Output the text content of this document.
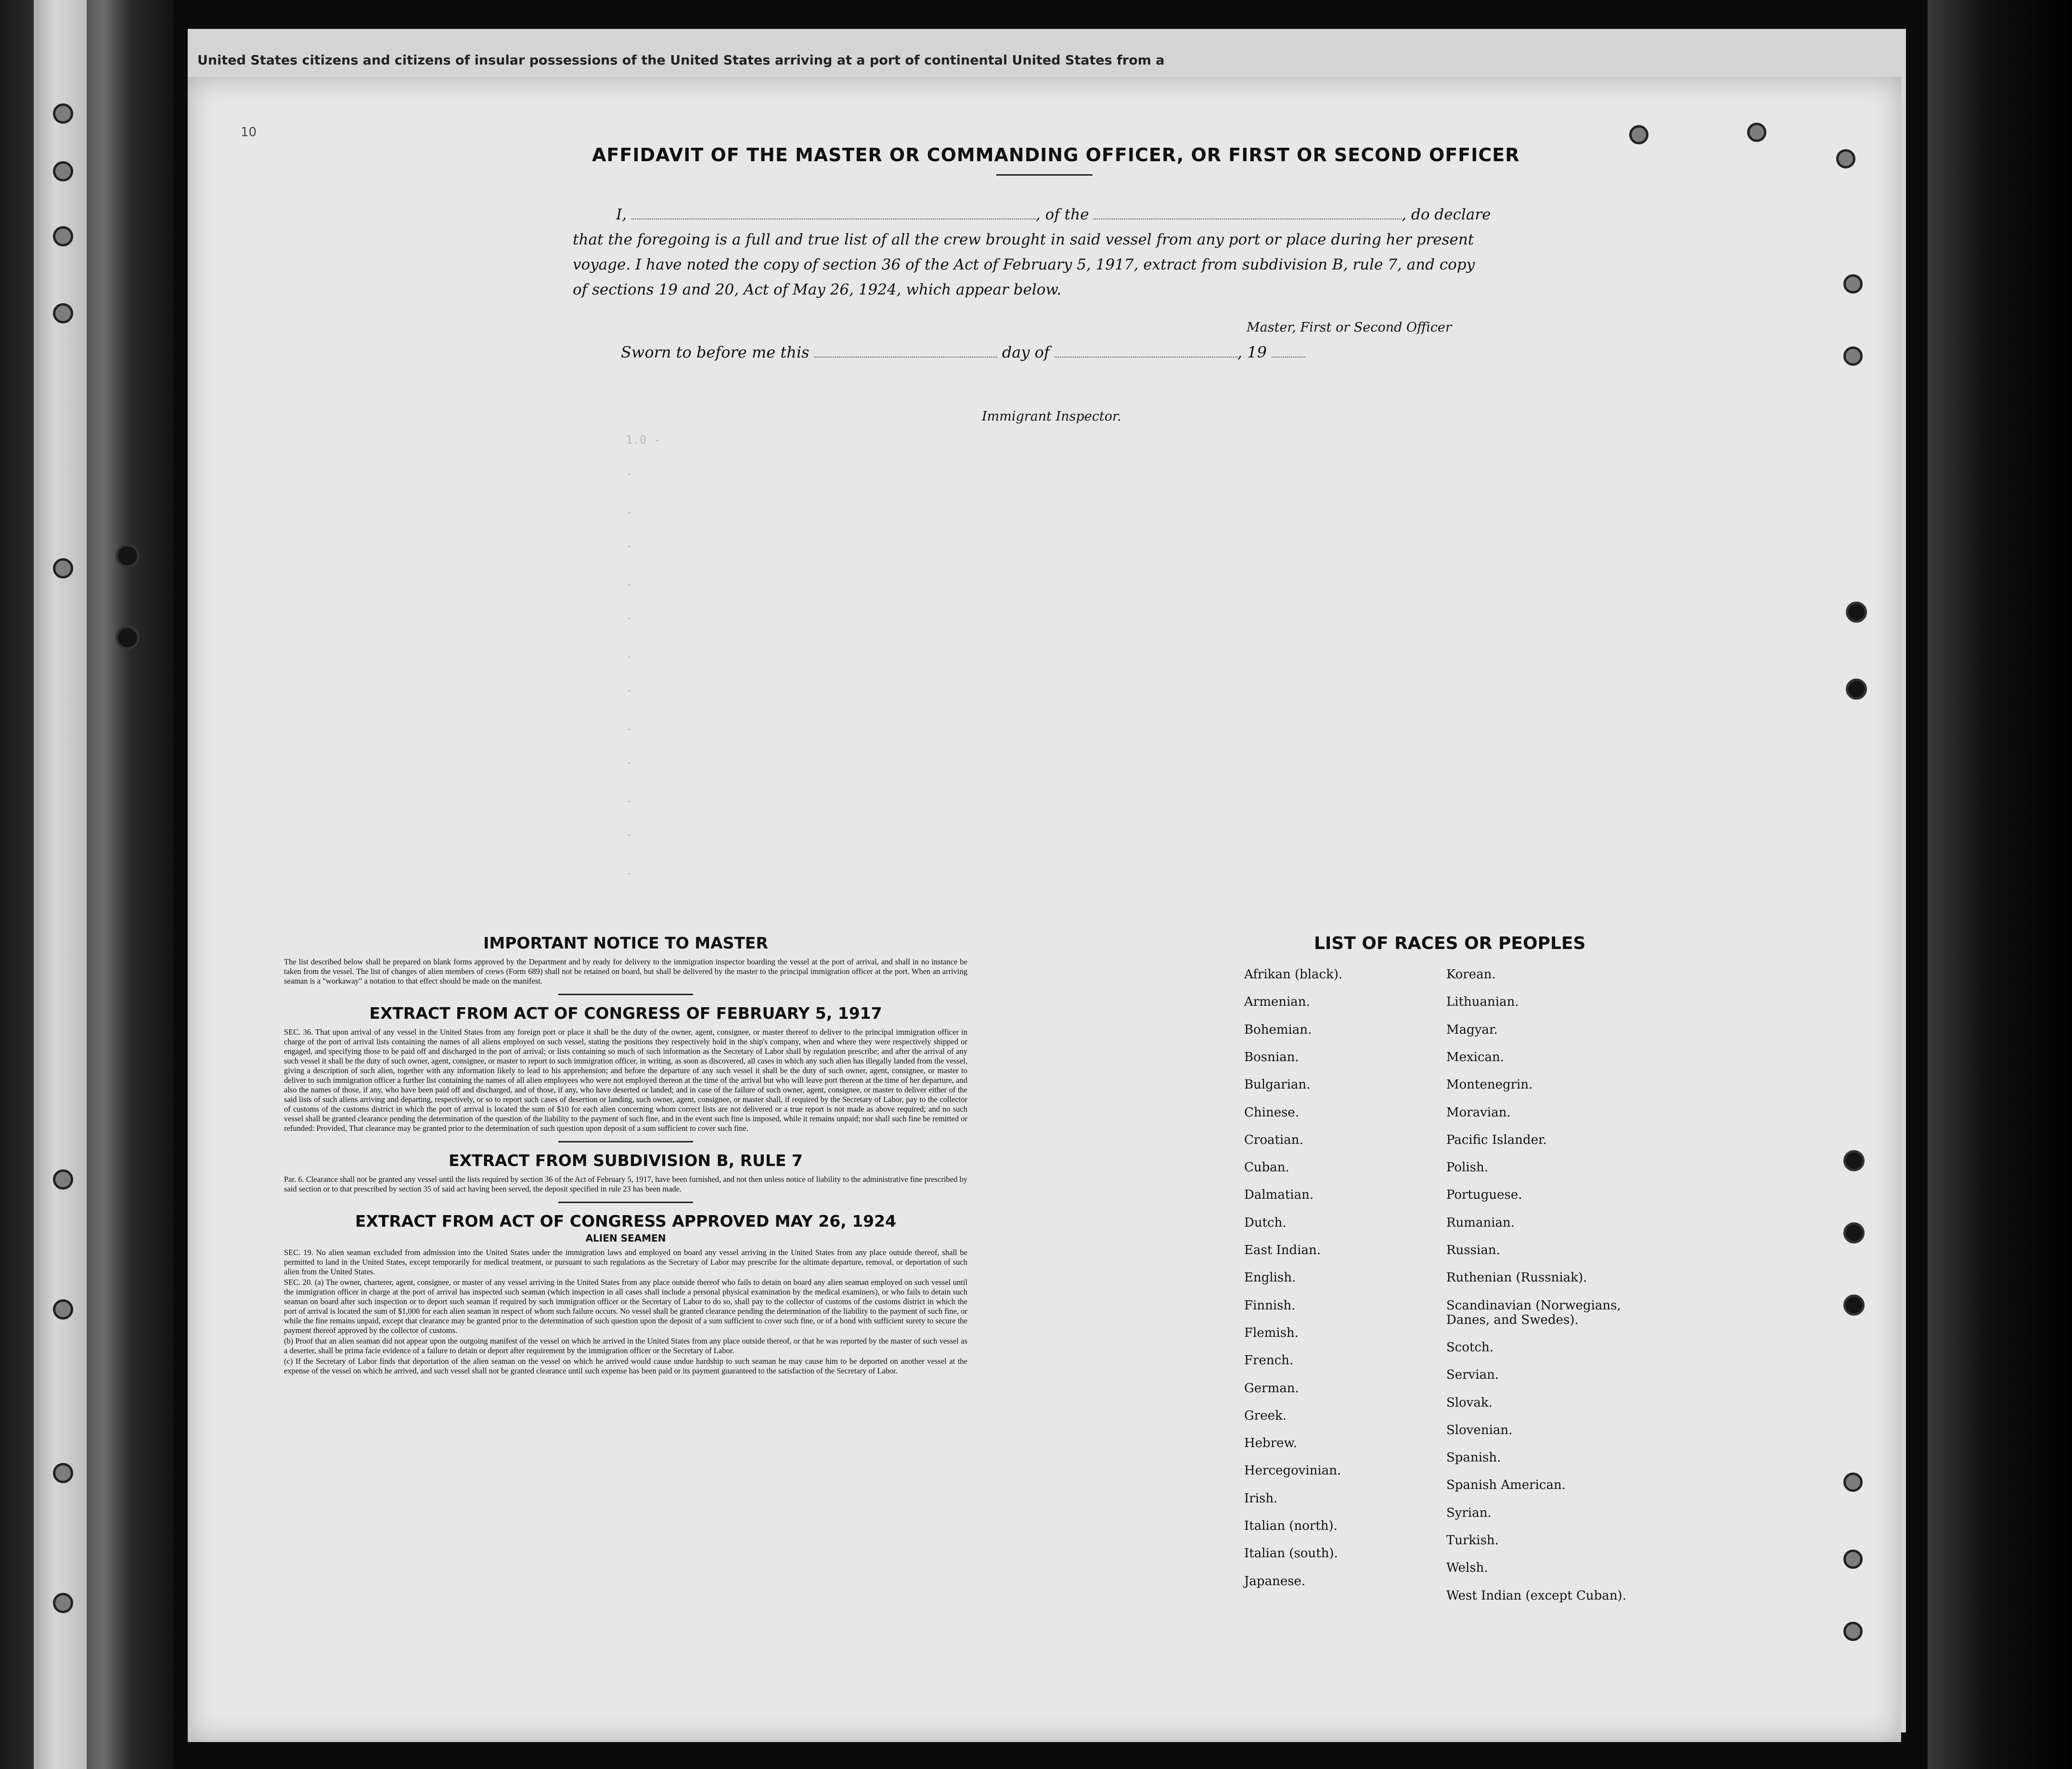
United States citizens and citizens of insular possessions of the United States arriving at a port of continental United States from a
10
AFFIDAVIT OF THE MASTER OR COMMANDING OFFICER, OR FIRST OR SECOND OFFICER
I,	, of the	, do declare
that the foregoing is a full and true list of all the crew brought in said vessel from any port or place during her present
voyage. I have noted the copy of section 36 of the Act of February 5, 1917, extract from subdivision B, rule 7, and copy
of sections 19 and 20, Act of May 26, 1924, which appear below.
Master, First or Second Officer
Sworn to before me this	day of	, 19
Immigrant Inspector.
1.0 -
-
-
-
-
-
-
-
-
-
-
-
-
IMPORTANT NOTICE TO MASTER

The list described below shall be prepared on blank forms approved by the Department and by ready for delivery to the immigration inspector boarding the vessel at the port of arrival, and shall in no instance be taken from the vessel. The list of changes of alien members of crews (Form 689) shall not be retained on board, but shall be delivered by the master to the principal immigration officer at the port. When an arriving seaman is a "workaway" a notation to that effect should be made on the manifest.

EXTRACT FROM ACT OF CONGRESS OF FEBRUARY 5, 1917

SEC. 36. That upon arrival of any vessel in the United States from any foreign port or place it shall be the duty of the owner, agent, consignee, or master thereof to deliver to the principal immigration officer in charge of the port of arrival lists containing the names of all aliens employed on such vessel, stating the positions they respectively hold in the ship's company, when and where they were respectively shipped or engaged, and specifying those to be paid off and discharged in the port of arrival; or lists containing so much of such information as the Secretary of Labor shall by regulation prescribe; and after the arrival of any such vessel it shall be the duty of such owner, agent, consignee, or master to report to such immigration officer, in writing, as soon as discovered, all cases in which any such alien has illegally landed from the vessel, giving a description of such alien, together with any information likely to lead to his apprehension; and before the departure of any such vessel it shall be the duty of such owner, agent, consignee, or master to deliver to such immigration officer a further list containing the names of all alien employees who were not employed thereon at the time of the arrival but who will leave port thereon at the time of her departure, and also the names of those, if any, who have been paid off and discharged, and of those, if any, who have deserted or landed; and in case of the failure of such owner, agent, consignee, or master to deliver either of the said lists of such aliens arriving and departing, respectively, or so to report such cases of desertion or landing, such owner, agent, consignee, or master shall, if required by the Secretary of Labor, pay to the collector of customs of the customs district in which the port of arrival is located the sum of $10 for each alien concerning whom correct lists are not delivered or a true report is not made as above required; and no such vessel shall be granted clearance pending the determination of the question of the liability to the payment of such fine, and in the event such fine is imposed, while it remains unpaid; nor shall such fine be remitted or refunded: Provided, That clearance may be granted prior to the determination of such question upon deposit of a sum sufficient to cover such fine.

EXTRACT FROM SUBDIVISION B, RULE 7

Par. 6. Clearance shall not be granted any vessel until the lists required by section 36 of the Act of February 5, 1917, have been furnished, and not then unless notice of liability to the administrative fine prescribed by said section or to that prescribed by section 35 of said act having been served, the deposit specified in rule 23 has been made.

EXTRACT FROM ACT OF CONGRESS APPROVED MAY 26, 1924
ALIEN SEAMEN

SEC. 19. No alien seaman excluded from admission into the United States under the immigration laws and employed on board any vessel arriving in the United States from any place outside thereof, shall be permitted to land in the United States, except temporarily for medical treatment, or pursuant to such regulations as the Secretary of Labor may prescribe for the ultimate departure, removal, or deportation of such alien from the United States.

SEC. 20. (a) The owner, charterer, agent, consignee, or master of any vessel arriving in the United States from any place outside thereof who fails to detain on board any alien seaman employed on such vessel until the immigration officer in charge at the port of arrival has inspected such seaman (which inspection in all cases shall include a personal physical examination by the medical examiners), or who fails to detain such seaman on board after such inspection or to deport such seaman if required by such immigration officer or the Secretary of Labor to do so, shall pay to the collector of customs of the customs district in which the port of arrival is located the sum of $1,000 for each alien seaman in respect of whom such failure occurs. No vessel shall be granted clearance pending the determination of the liability to the payment of such fine, or while the fine remains unpaid, except that clearance may be granted prior to the determination of such question upon the deposit of a sum sufficient to cover such fine, or of a bond with sufficient surety to secure the payment thereof approved by the collector of customs.

(b) Proof that an alien seaman did not appear upon the outgoing manifest of the vessel on which he arrived in the United States from any place outside thereof, or that he was reported by the master of such vessel as a deserter, shall be prima facie evidence of a failure to detain or deport after requirement by the immigration officer or the Secretary of Labor.

(c) If the Secretary of Labor finds that deportation of the alien seaman on the vessel on which he arrived would cause undue hardship to such seaman he may cause him to be deported on another vessel at the expense of the vessel on which he arrived, and such vessel shall not be granted clearance until such expense has been paid or its payment guaranteed to the satisfaction of the Secretary of Labor.

LIST OF RACES OR PEOPLES
Afrikan (black).
Armenian.
Bohemian.
Bosnian.
Bulgarian.
Chinese.
Croatian.
Cuban.
Dalmatian.
Dutch.
East Indian.
English.
Finnish.
Flemish.
French.
German.
Greek.
Hebrew.
Hercegovinian.
Irish.
Italian (north).
Italian (south).
Japanese.
Korean.
Lithuanian.
Magyar.
Mexican.
Montenegrin.
Moravian.
Pacific Islander.
Polish.
Portuguese.
Rumanian.
Russian.
Ruthenian (Russniak).
Scandinavian (Norwegians,
Danes, and Swedes).
Scotch.
Servian.
Slovak.
Slovenian.
Spanish.
Spanish American.
Syrian.
Turkish.
Welsh.
West Indian (except Cuban).
